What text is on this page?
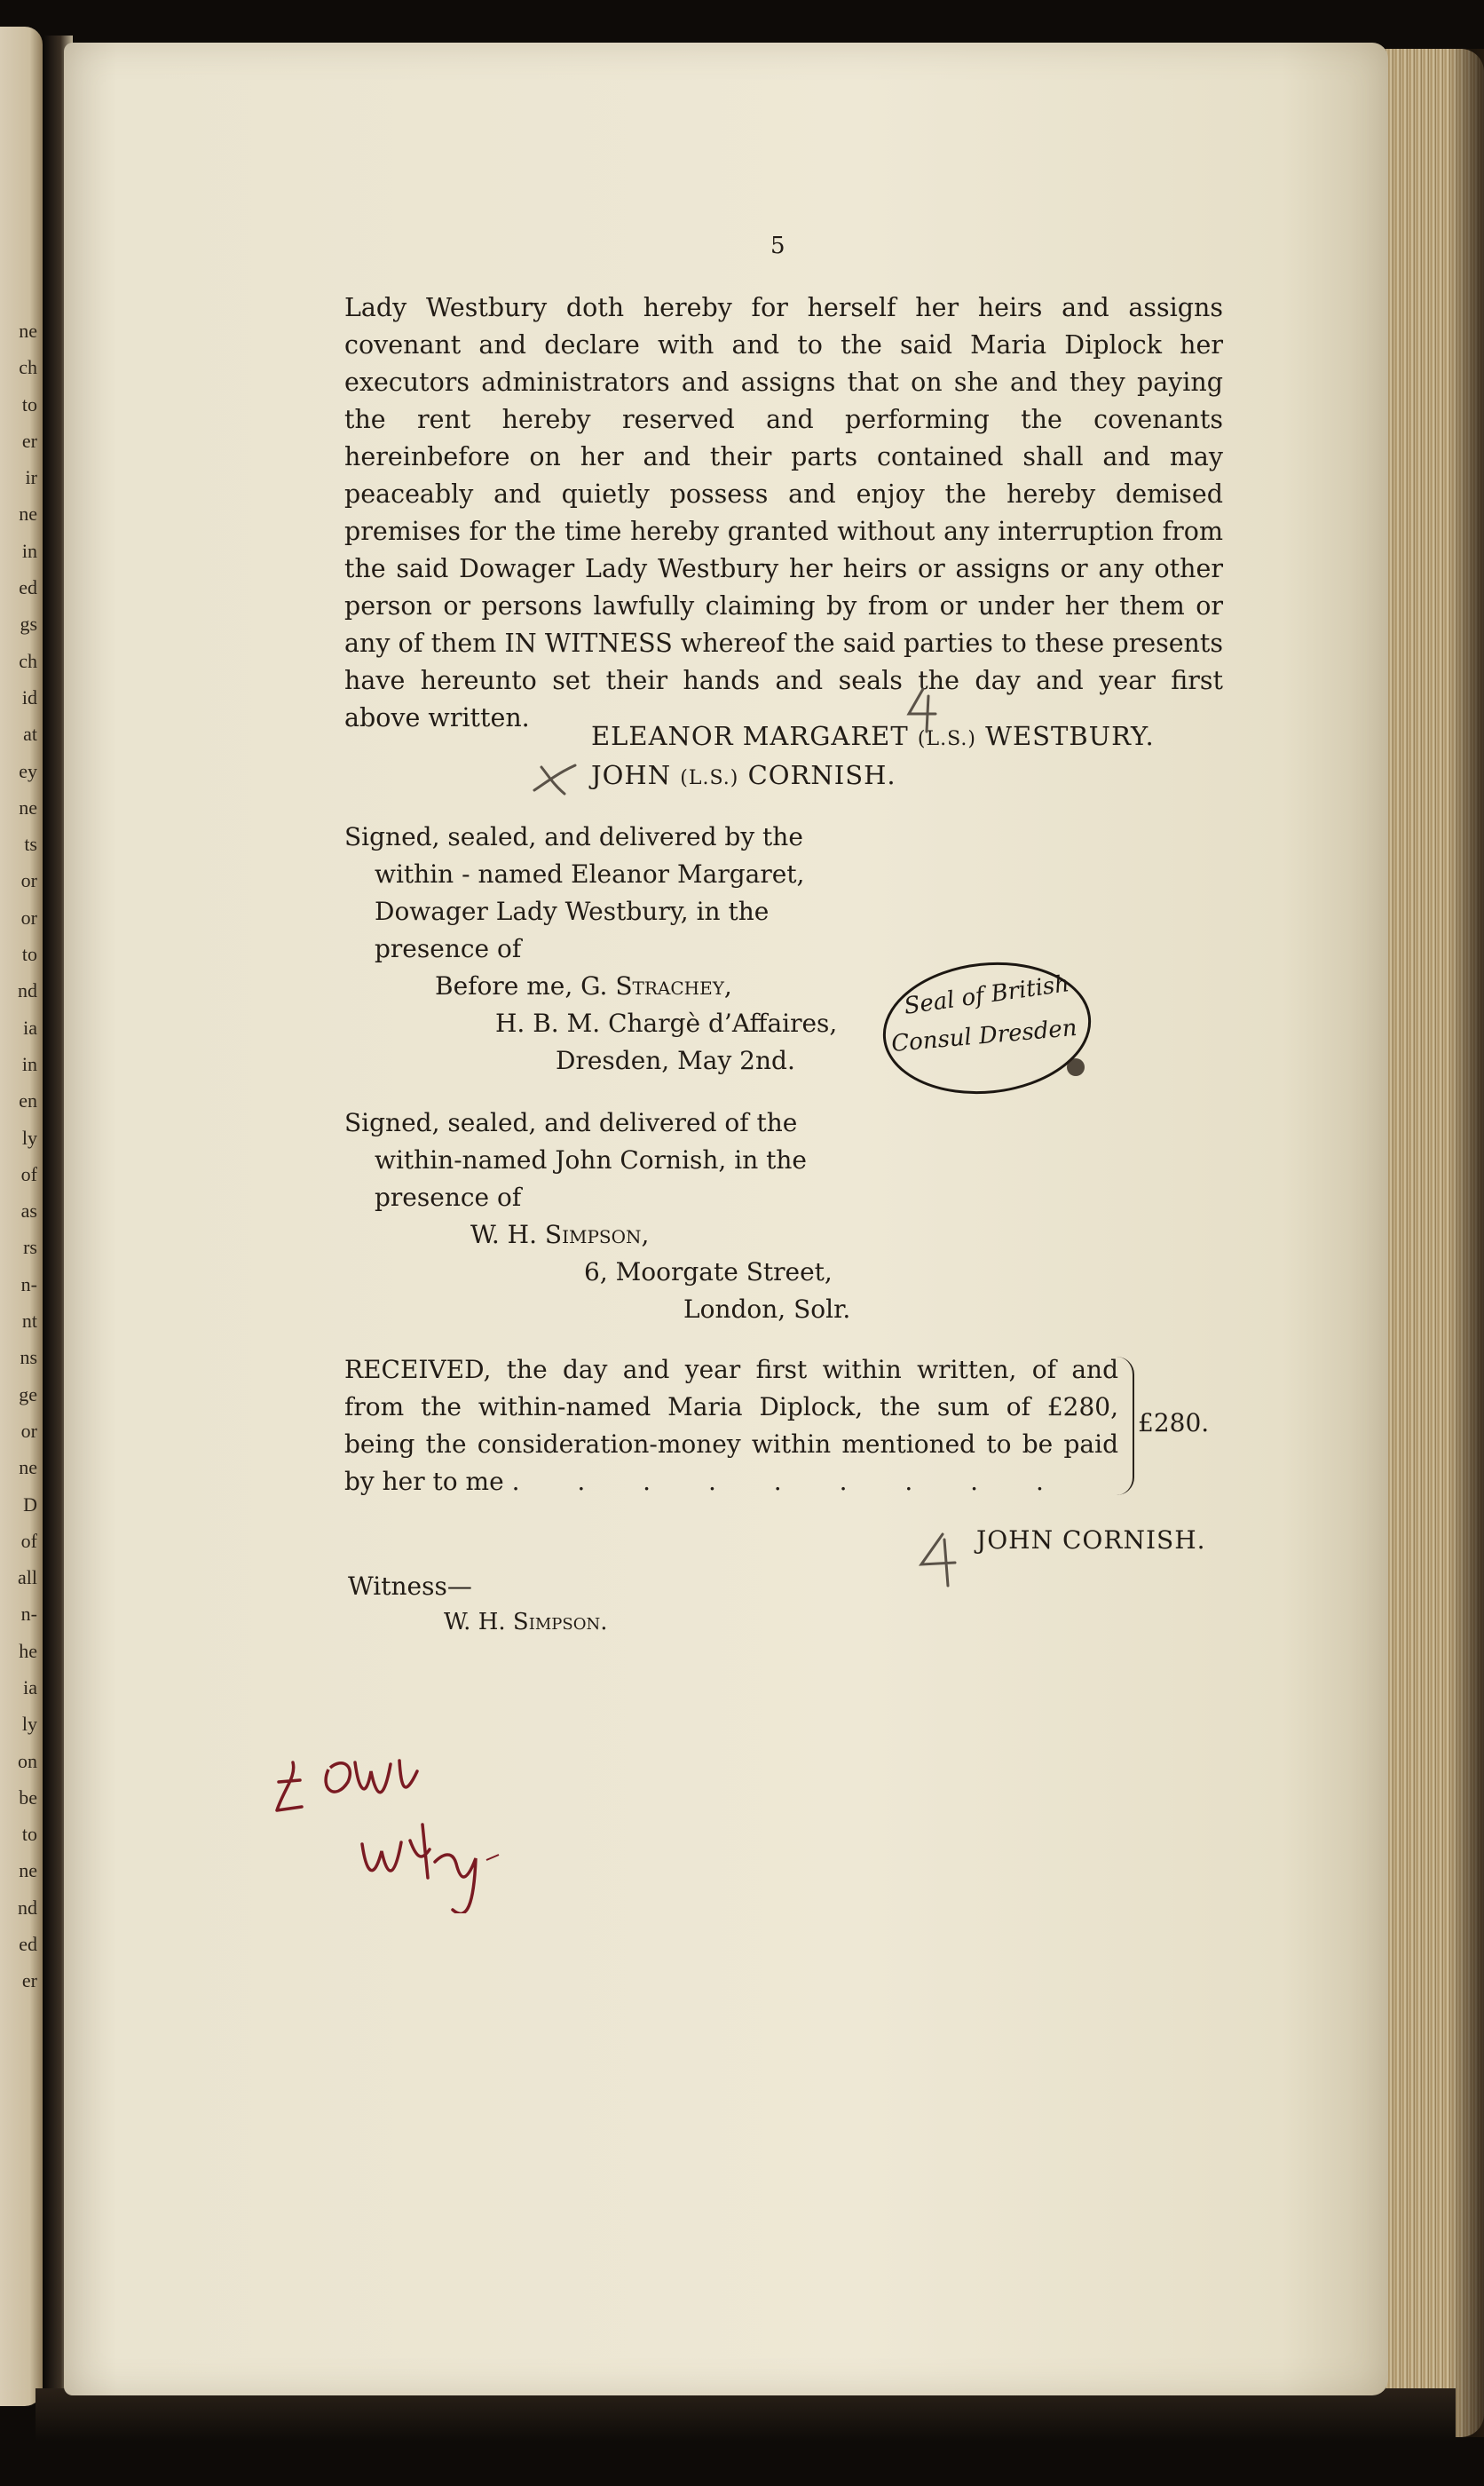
ne
ch
to
er
ir
ne
in
ed
gs
ch
id
at
ey
ne
ts
or
or
to
nd
ia
in
en
ly
of
as
rs
n-
nt
ns
ge
or
ne
D
of
all
n-
he
ia
ly
on
be
to
ne
nd
ed
er
5
Lady Westbury doth hereby for herself her heirs and assigns covenant and declare with and to the said Maria Diplock her executors administrators and assigns that on she and they paying the rent hereby reserved and performing the covenants hereinbefore on her and their parts contained shall and may peaceably and quietly possess and enjoy the hereby demised premises for the time hereby granted without any interruption from the said Dowager Lady Westbury her heirs or assigns or any other person or persons lawfully claiming by from or under her them or any of them IN WITNESS whereof the said parties to these presents have hereunto set their hands and seals the day and year first above written.
ELEANOR MARGARET (L.S.) WESTBURY.
JOHN (L.S.) CORNISH.
Signed, sealed, and delivered by the
within - named Eleanor Margaret,
Dowager Lady Westbury, in the
presence of
Before me, G. Strachey,
H. B. M. Chargè d’Affaires,
Dresden, May 2nd.
Signed, sealed, and delivered of the
within-named John Cornish, in the
presence of
W. H. Simpson,
6, Moorgate Street,
London, Solr.
RECEIVED, the day and year first within written, of and from the within-named Maria Diplock, the sum of £280, being the consideration-money within mentioned to be paid by her to me . . . . . . . . .
£280.
JOHN CORNISH.
Witness—
W. H. Simpson.
Seal of British
Consul Dresden
